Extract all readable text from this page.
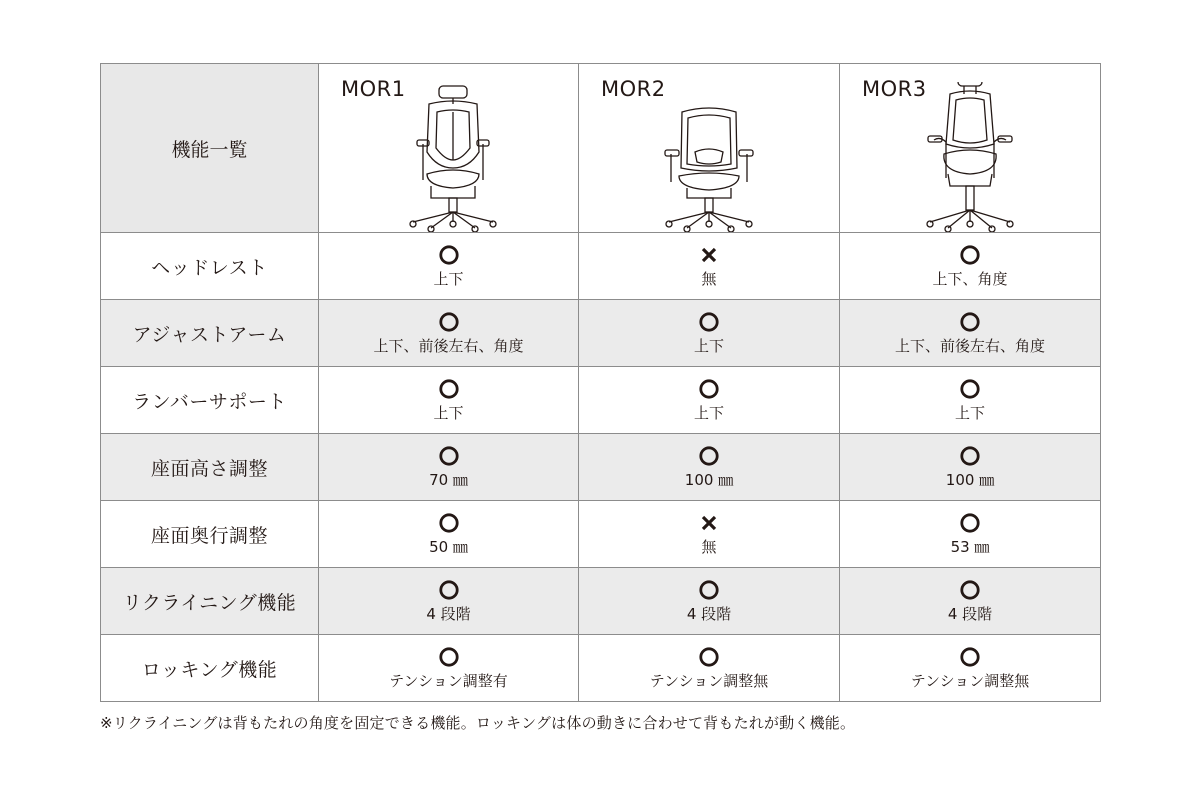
機能一覧	MOR1	MOR2	MOR3

ヘッドレスト	上下	無	上下、角度

アジャストアーム	上下、前後左右、角度	上下	上下、前後左右、角度

ランバーサポート	上下	上下	上下

座面高さ調整	70 ㎜	100 ㎜	100 ㎜

座面奥行調整	50 ㎜	無	53 ㎜

リクライニング機能	4 段階	4 段階	4 段階

ロッキング機能	テンション調整有	テンション調整無	テンション調整無
※リクライニングは背もたれの角度を固定できる機能。ロッキングは体の動きに合わせて背もたれが動く機能。
